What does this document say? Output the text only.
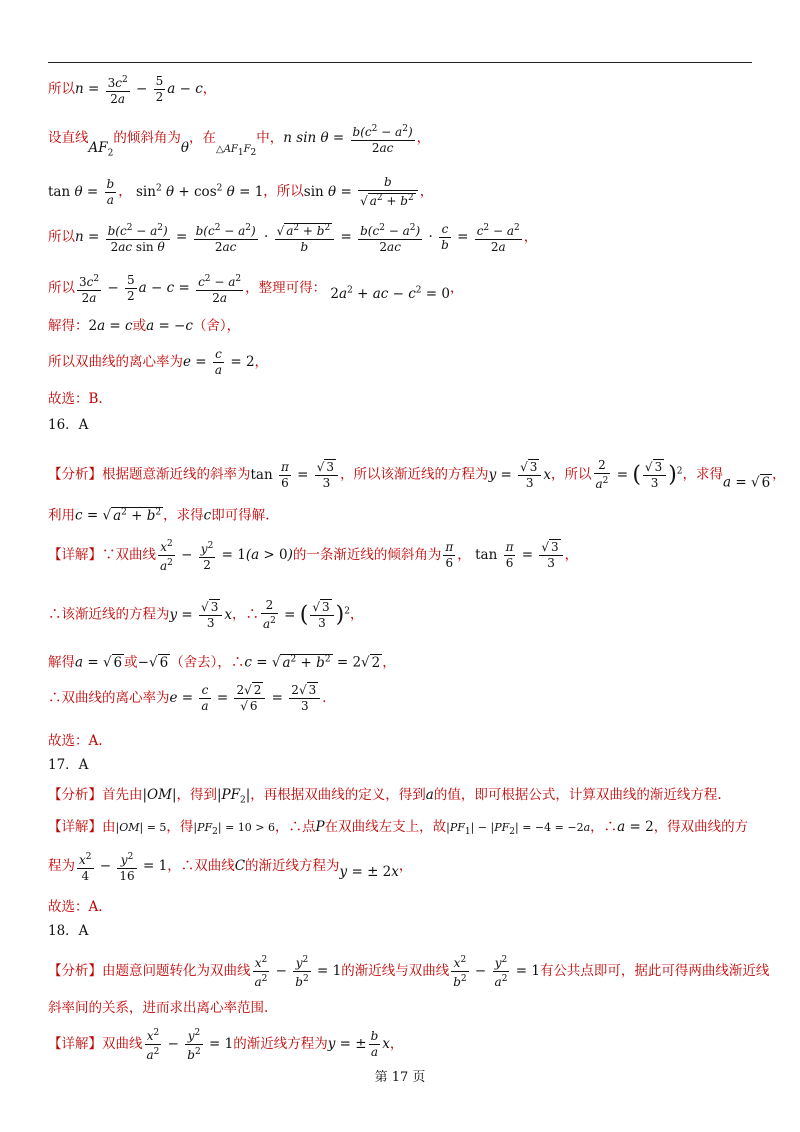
所以$n = \frac{3c^2}{2a} - \frac{5}{2}$ a − c，
设直线$AF_2$的倾斜角为θ，在$_{\triangle AF_1F_2}$中，n $\sin \theta = \frac{b(c^2 - a^2)}{2ac}$ ，
$\tan \theta = \frac{b}{a}$ ， $\sin^2 \theta + \cos^2 \theta = 1$，所以$\sin \theta = \frac{b}{√ a^2 + b^2}$ ，
所以$n = \frac{b(c^2 - a^2)}{\text{2ac sin θ}} = \frac{b(c^2 - a^2)}{2ac} \cdot \frac{√ a^2 + b^2}{b} = \frac{b(c^2 - a^2)}{2ac} \cdot \frac{c}{b} = \frac{c^2 - a^2}{2a}$ ，
所以 $\frac{3c^2}{2a} - \frac{5}{2}$ $a - c = \frac{c^2 - a^2}{2a}$ ，整理可得： $2a^2$ + ac − $c^2 = 0$，
解得：2a = c或a = −c（舍），
所以双曲线的离心率为$e = \frac{c}{a} = 2$，
故选：B.
16．A
【分析】根据题意渐近线的斜率为$\tan \frac{\pi}{6} = \frac{√ 3}{3}$ ，所以该渐近线的方程为$y = \frac{√ 3}{3}$ x，所以 $\frac{2}{a^2}$ = ( $\frac{√ 3}{3} )^2$，求得a = √ 6 ，
利用c = √ $a^2 + b^2$ ，求得c即可得解.
【详解】∵双曲线 $\frac{x^2}{a^2} - \frac{y^2}{2} = 1(a > 0)$的一条渐近线的倾斜角为 $\frac{\pi}{6}$ ， $\tan \frac{\pi}{6} = \frac{√ 3}{3}$ ，
∴该渐近线的方程为$y = \frac{√ 3}{3}$ x，∴ $\frac{2}{a^2}$ = ( $\frac{√ 3}{3} )^2$，
解得a = √ 6 或−√ 6 （舍去），∴c = √ $a^2 + b^2 = 2√$ 2 ，
∴双曲线的离心率为$e = \frac{c}{a} = \frac{2√ 2}{√ 6} = \frac{2√ 3}{3}$ ．
故选：A.
17．A
【分析】首先由|OM|，得到$|PF_2|$，再根据双曲线的定义，得到a的值，即可根据公式，计算双曲线的渐近线方程.
【详解】由|OM| = 5，得$|PF_2| = 10 > 6$，∴点P在双曲线左支上，故$|PF_1| - |PF_2| = -4 = -2a$，∴a = 2，得双曲线的方
程为 $\frac{x^2}{4} - \frac{y^2}{16} = 1$，∴双曲线C的渐近线方程为y = ± 2x，
故选：A.
18．A
【分析】由题意问题转化为双曲线 $\frac{x^2}{a^2} - \frac{y^2}{b^2} = 1$的渐近线与双曲线 $\frac{x^2}{b^2} - \frac{y^2}{a^2} = 1$有公共点即可，据此可得两曲线渐近线
斜率间的关系，进而求出离心率范围.
【详解】双曲线 $\frac{x^2}{a^2} - \frac{y^2}{b^2} = 1$的渐近线方程为y = ± $\frac{b}{a}$ x，
第 17 页
